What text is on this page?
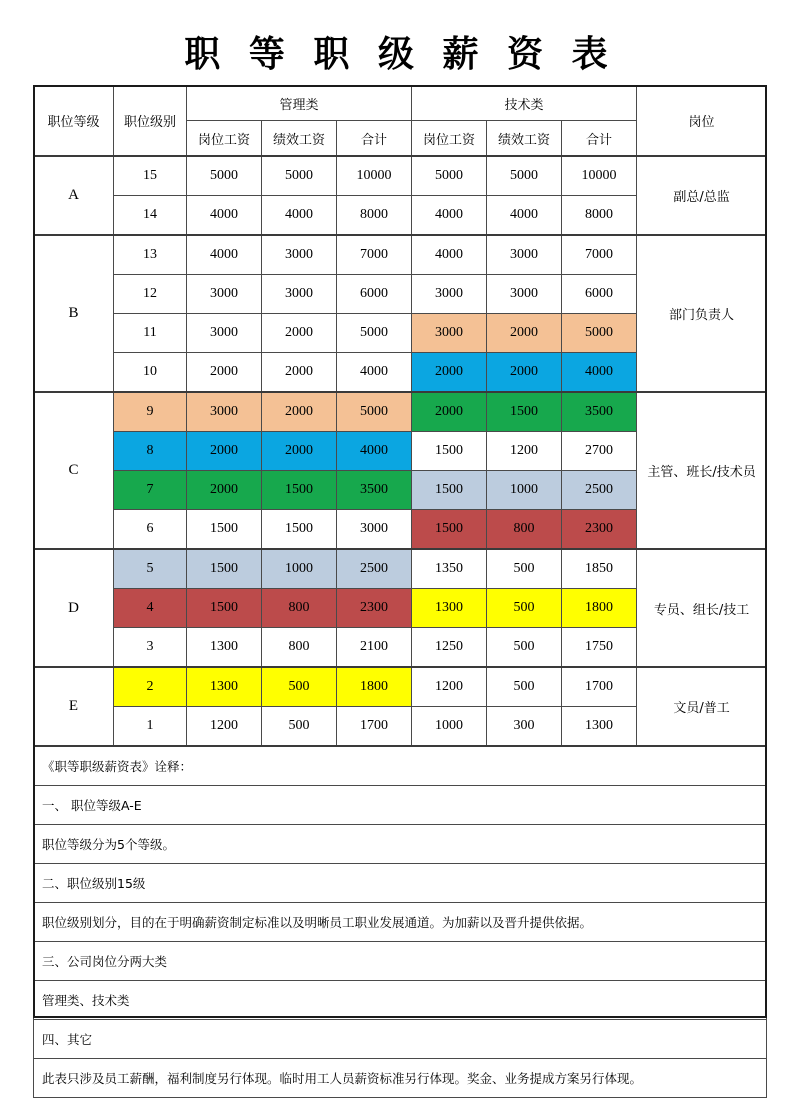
职 等 职 级 薪 资 表
职位等级	职位级别	管理类			技术类			岗位
		岗位工资	绩效工资	合计	岗位工资	绩效工资	合计	
A	15	5000	5000	10000	5000	5000	10000	副总/总监
	14	4000	4000	8000	4000	4000	8000	
B	13	4000	3000	7000	4000	3000	7000	部门负责人
	12	3000	3000	6000	3000	3000	6000	
	11	3000	2000	5000	3000	2000	5000	
	10	2000	2000	4000	2000	2000	4000	
C	9	3000	2000	5000	2000	1500	3500	主管、班长/技术员
	8	2000	2000	4000	1500	1200	2700	
	7	2000	1500	3500	1500	1000	2500	
	6	1500	1500	3000	1500	800	2300	
D	5	1500	1000	2500	1350	500	1850	专员、组长/技工
	4	1500	800	2300	1300	500	1800	
	3	1300	800	2100	1250	500	1750	
E	2	1300	500	1800	1200	500	1700	文员/普工
	1	1200	500	1700	1000	300	1300	
《职等职级薪资表》诠释：
一、 职位等级A-E
职位等级分为5个等级。
二、职位级别15级
职位级别划分，目的在于明确薪资制定标准以及明晰员工职业发展通道。为加薪以及晋升提供依据。
三、公司岗位分两大类
管理类、技术类
四、其它
此表只涉及员工薪酬，福利制度另行体现。临时用工人员薪资标准另行体现。奖金、业务提成方案另行体现。
